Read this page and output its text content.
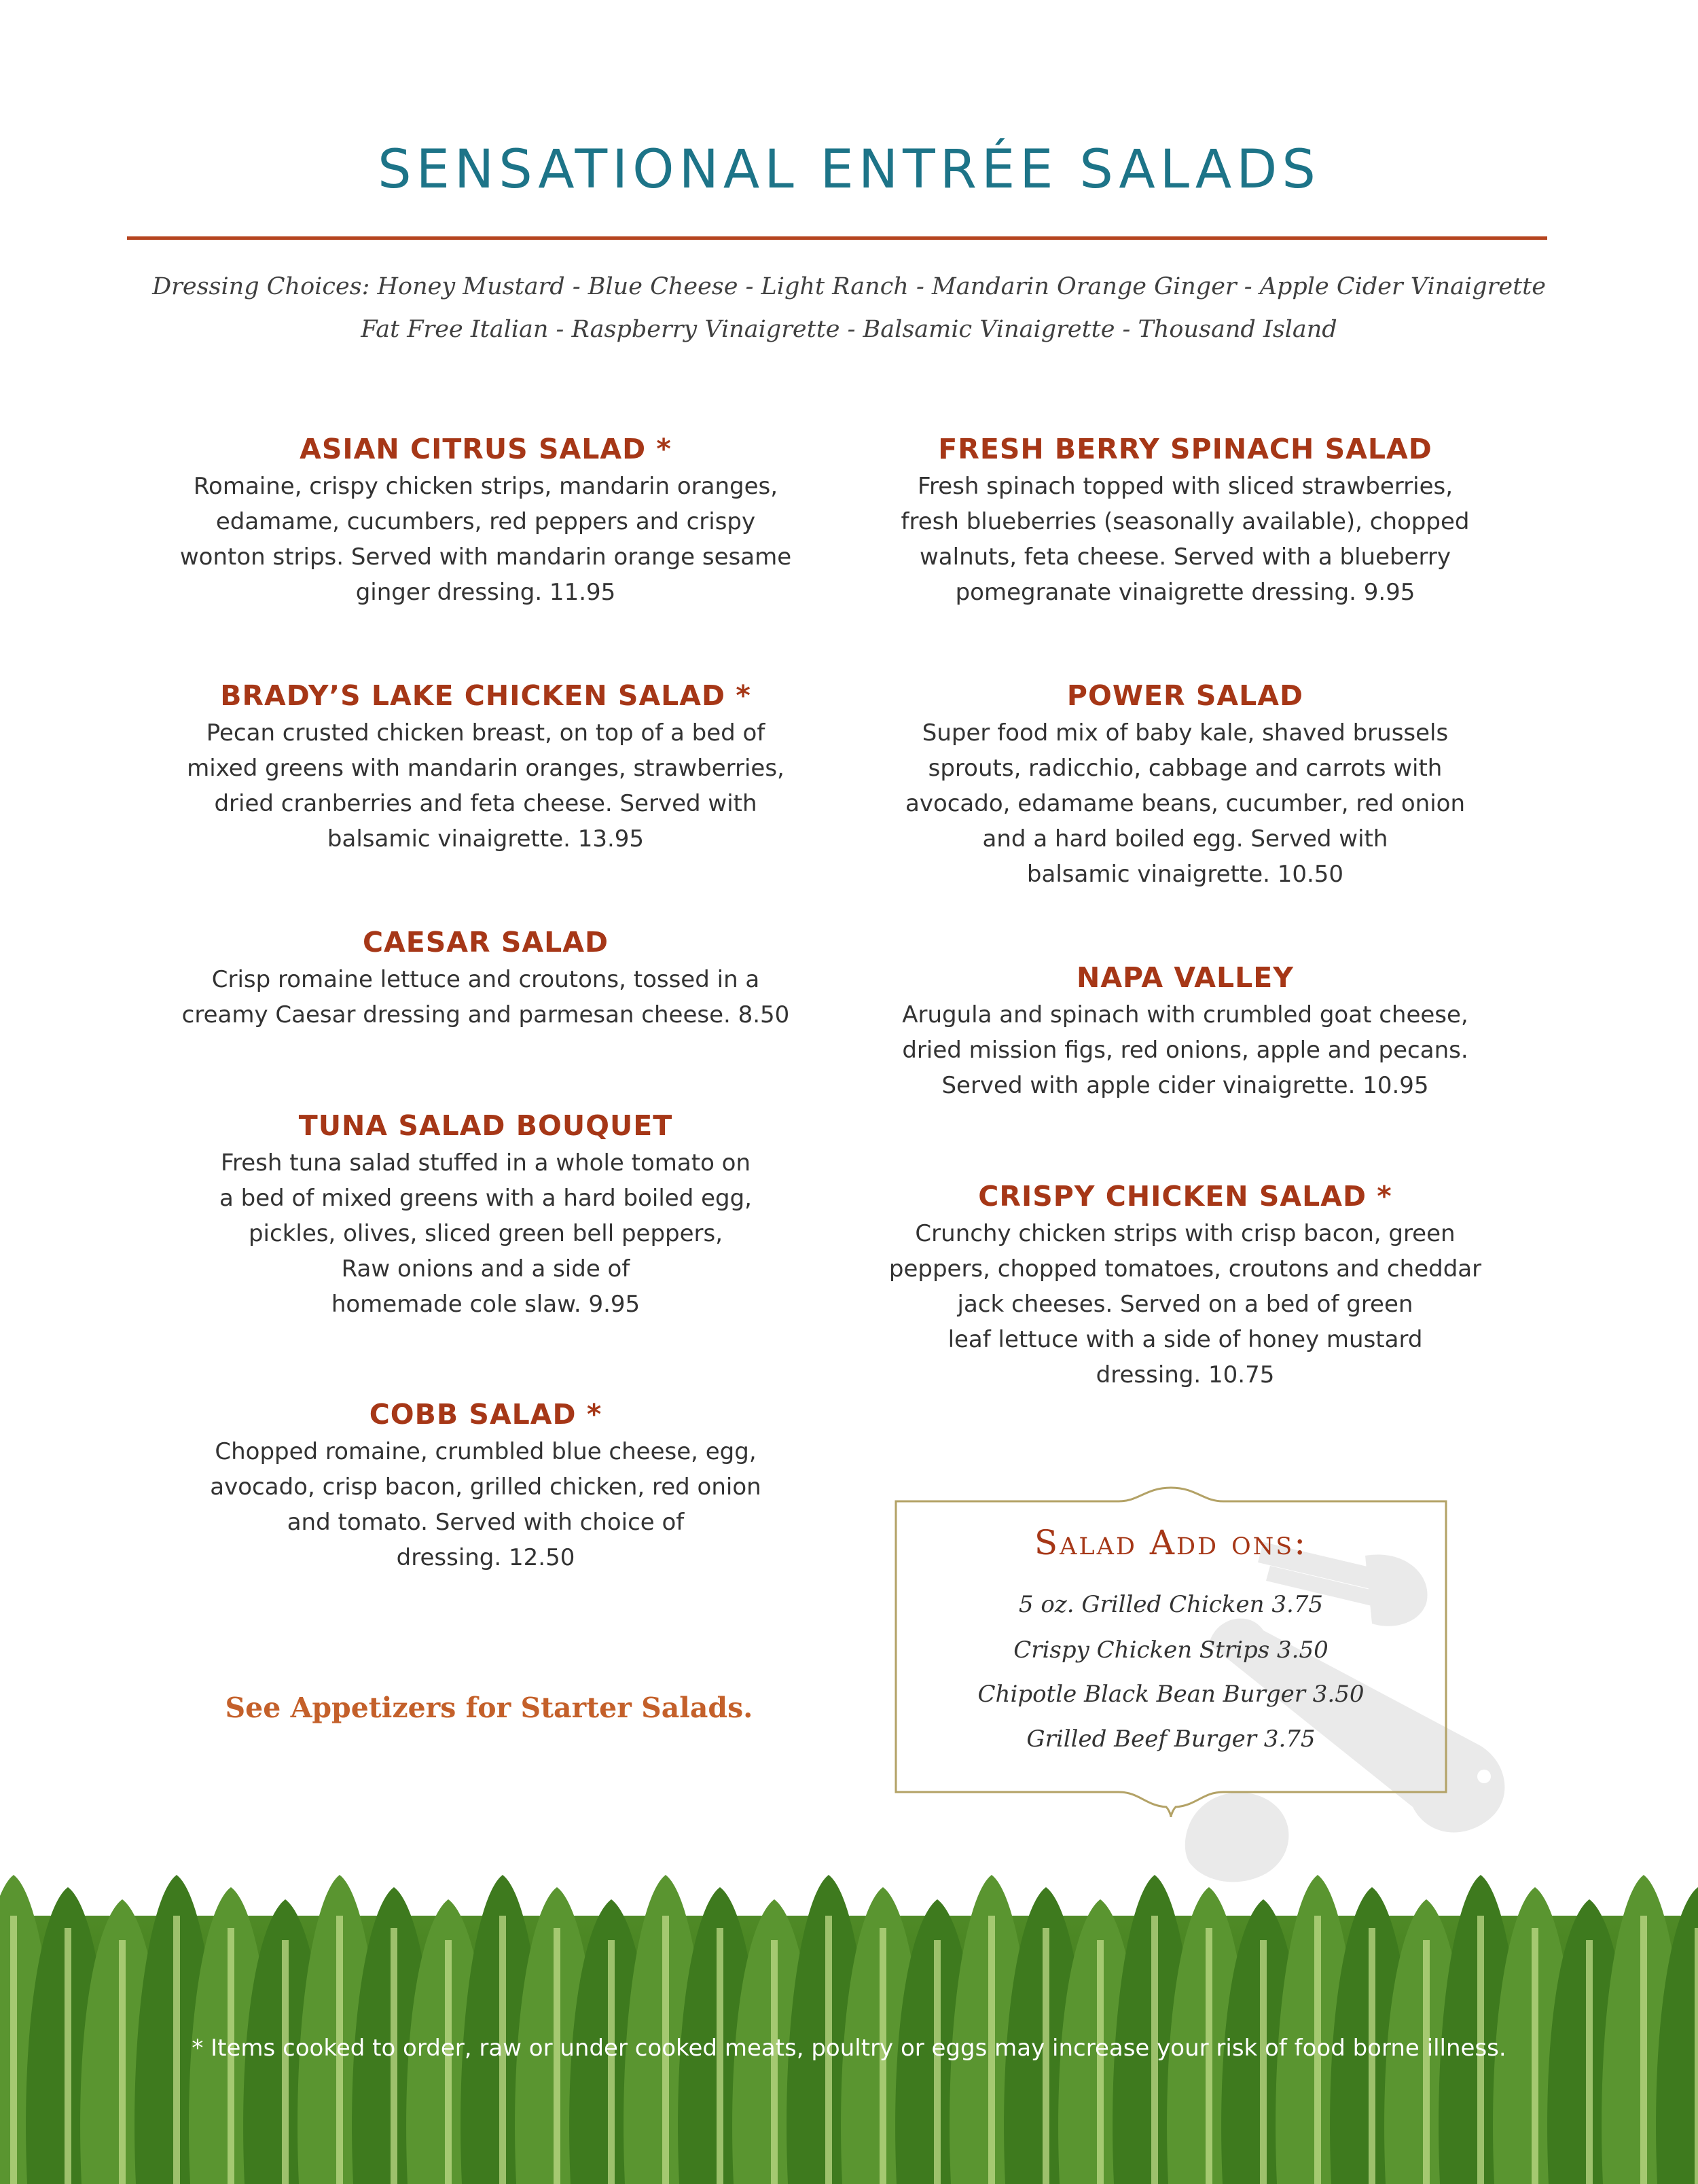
SENSATIONAL ENTRÉE SALADS
Dressing Choices: Honey Mustard - Blue Cheese - Light Ranch - Mandarin Orange Ginger - Apple Cider Vinaigrette
Fat Free Italian - Raspberry Vinaigrette - Balsamic Vinaigrette - Thousand Island
ASIAN CITRUS SALAD *
Romaine, crispy chicken strips, mandarin oranges,
edamame, cucumbers, red peppers and crispy
wonton strips. Served with mandarin orange sesame
ginger dressing. 11.95
BRADY’S LAKE CHICKEN SALAD *
Pecan crusted chicken breast, on top of a bed of
mixed greens with mandarin oranges, strawberries,
dried cranberries and feta cheese. Served with
balsamic vinaigrette. 13.95
CAESAR SALAD
Crisp romaine lettuce and croutons, tossed in a
creamy Caesar dressing and parmesan cheese. 8.50
TUNA SALAD BOUQUET
Fresh tuna salad stuffed in a whole tomato on
a bed of mixed greens with a hard boiled egg,
pickles, olives, sliced green bell peppers,
Raw onions and a side of
homemade cole slaw. 9.95
COBB SALAD *
Chopped romaine, crumbled blue cheese, egg,
avocado, crisp bacon, grilled chicken, red onion
and tomato. Served with choice of
dressing. 12.50
FRESH BERRY SPINACH SALAD
Fresh spinach topped with sliced strawberries,
fresh blueberries (seasonally available), chopped
walnuts, feta cheese. Served with a blueberry
pomegranate vinaigrette dressing. 9.95
POWER SALAD
Super food mix of baby kale, shaved brussels
sprouts, radicchio, cabbage and carrots with
avocado, edamame beans, cucumber, red onion
and a hard boiled egg. Served with
balsamic vinaigrette. 10.50
NAPA VALLEY
Arugula and spinach with crumbled goat cheese,
dried mission figs, red onions, apple and pecans.
Served with apple cider vinaigrette. 10.95
CRISPY CHICKEN SALAD *
Crunchy chicken strips with crisp bacon, green
peppers, chopped tomatoes, croutons and cheddar
jack cheeses. Served on a bed of green
leaf lettuce with a side of honey mustard
dressing. 10.75
See Appetizers for Starter Salads.
Salad Add ons:
5 oz. Grilled Chicken 3.75
Crispy Chicken Strips 3.50
Chipotle Black Bean Burger 3.50
Grilled Beef Burger 3.75
* Items cooked to order, raw or under cooked meats, poultry or eggs may increase your risk of food borne illness.
